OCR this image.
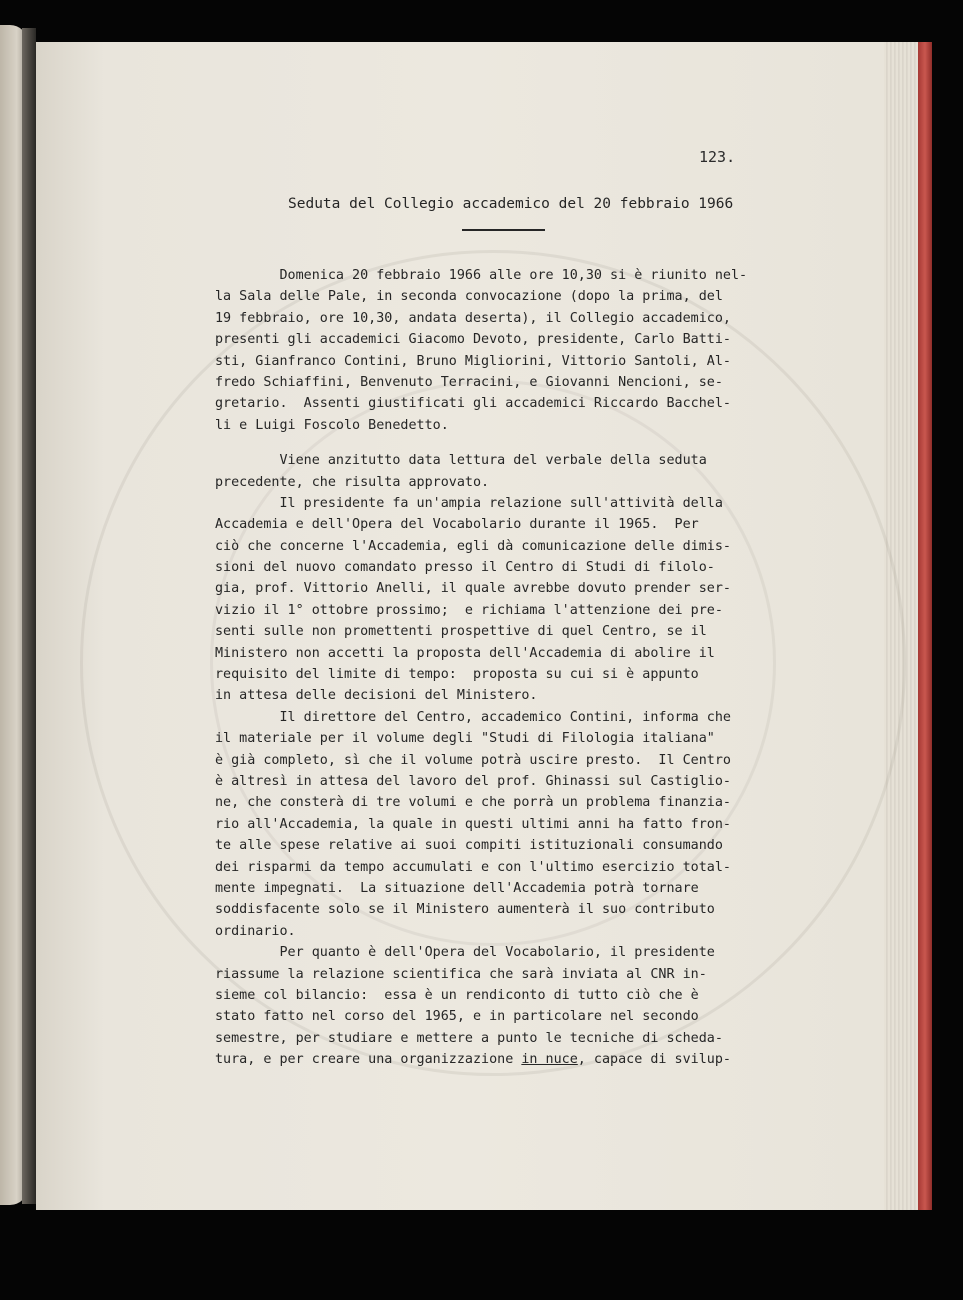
123.
Seduta del Collegio accademico del 20 febbraio 1966
Domenica 20 febbraio 1966 alle ore 10,30 si è riunito nel-
la Sala delle Pale, in seconda convocazione (dopo la prima, del
19 febbraio, ore 10,30, andata deserta), il Collegio accademico,
presenti gli accademici Giacomo Devoto, presidente, Carlo Batti-
sti, Gianfranco Contini, Bruno Migliorini, Vittorio Santoli, Al-
fredo Schiaffini, Benvenuto Terracini, e Giovanni Nencioni, se-
gretario.  Assenti giustificati gli accademici Riccardo Bacchel-
li e Luigi Foscolo Benedetto.
Viene anzitutto data lettura del verbale della seduta
precedente, che risulta approvato.
Il presidente fa un'ampia relazione sull'attività della
Accademia e dell'Opera del Vocabolario durante il 1965.  Per
ciò che concerne l'Accademia, egli dà comunicazione delle dimis-
sioni del nuovo comandato presso il Centro di Studi di filolo-
gia, prof. Vittorio Anelli, il quale avrebbe dovuto prender ser-
vizio il 1° ottobre prossimo;  e richiama l'attenzione dei pre-
senti sulle non promettenti prospettive di quel Centro, se il
Ministero non accetti la proposta dell'Accademia di abolire il
requisito del limite di tempo:  proposta su cui si è appunto
in attesa delle decisioni del Ministero.
Il direttore del Centro, accademico Contini, informa che
il materiale per il volume degli "Studi di Filologia italiana"
è già completo, sì che il volume potrà uscire presto.  Il Centro
è altresì in attesa del lavoro del prof. Ghinassi sul Castiglio-
ne, che consterà di tre volumi e che porrà un problema finanzia-
rio all'Accademia, la quale in questi ultimi anni ha fatto fron-
te alle spese relative ai suoi compiti istituzionali consumando
dei risparmi da tempo accumulati e con l'ultimo esercizio total-
mente impegnati.  La situazione dell'Accademia potrà tornare
soddisfacente solo se il Ministero aumenterà il suo contributo
ordinario.
Per quanto è dell'Opera del Vocabolario, il presidente
riassume la relazione scientifica che sarà inviata al CNR in-
sieme col bilancio:  essa è un rendiconto di tutto ciò che è
stato fatto nel corso del 1965, e in particolare nel secondo
semestre, per studiare e mettere a punto le tecniche di scheda-
tura, e per creare una organizzazione in nuce, capace di svilup-
